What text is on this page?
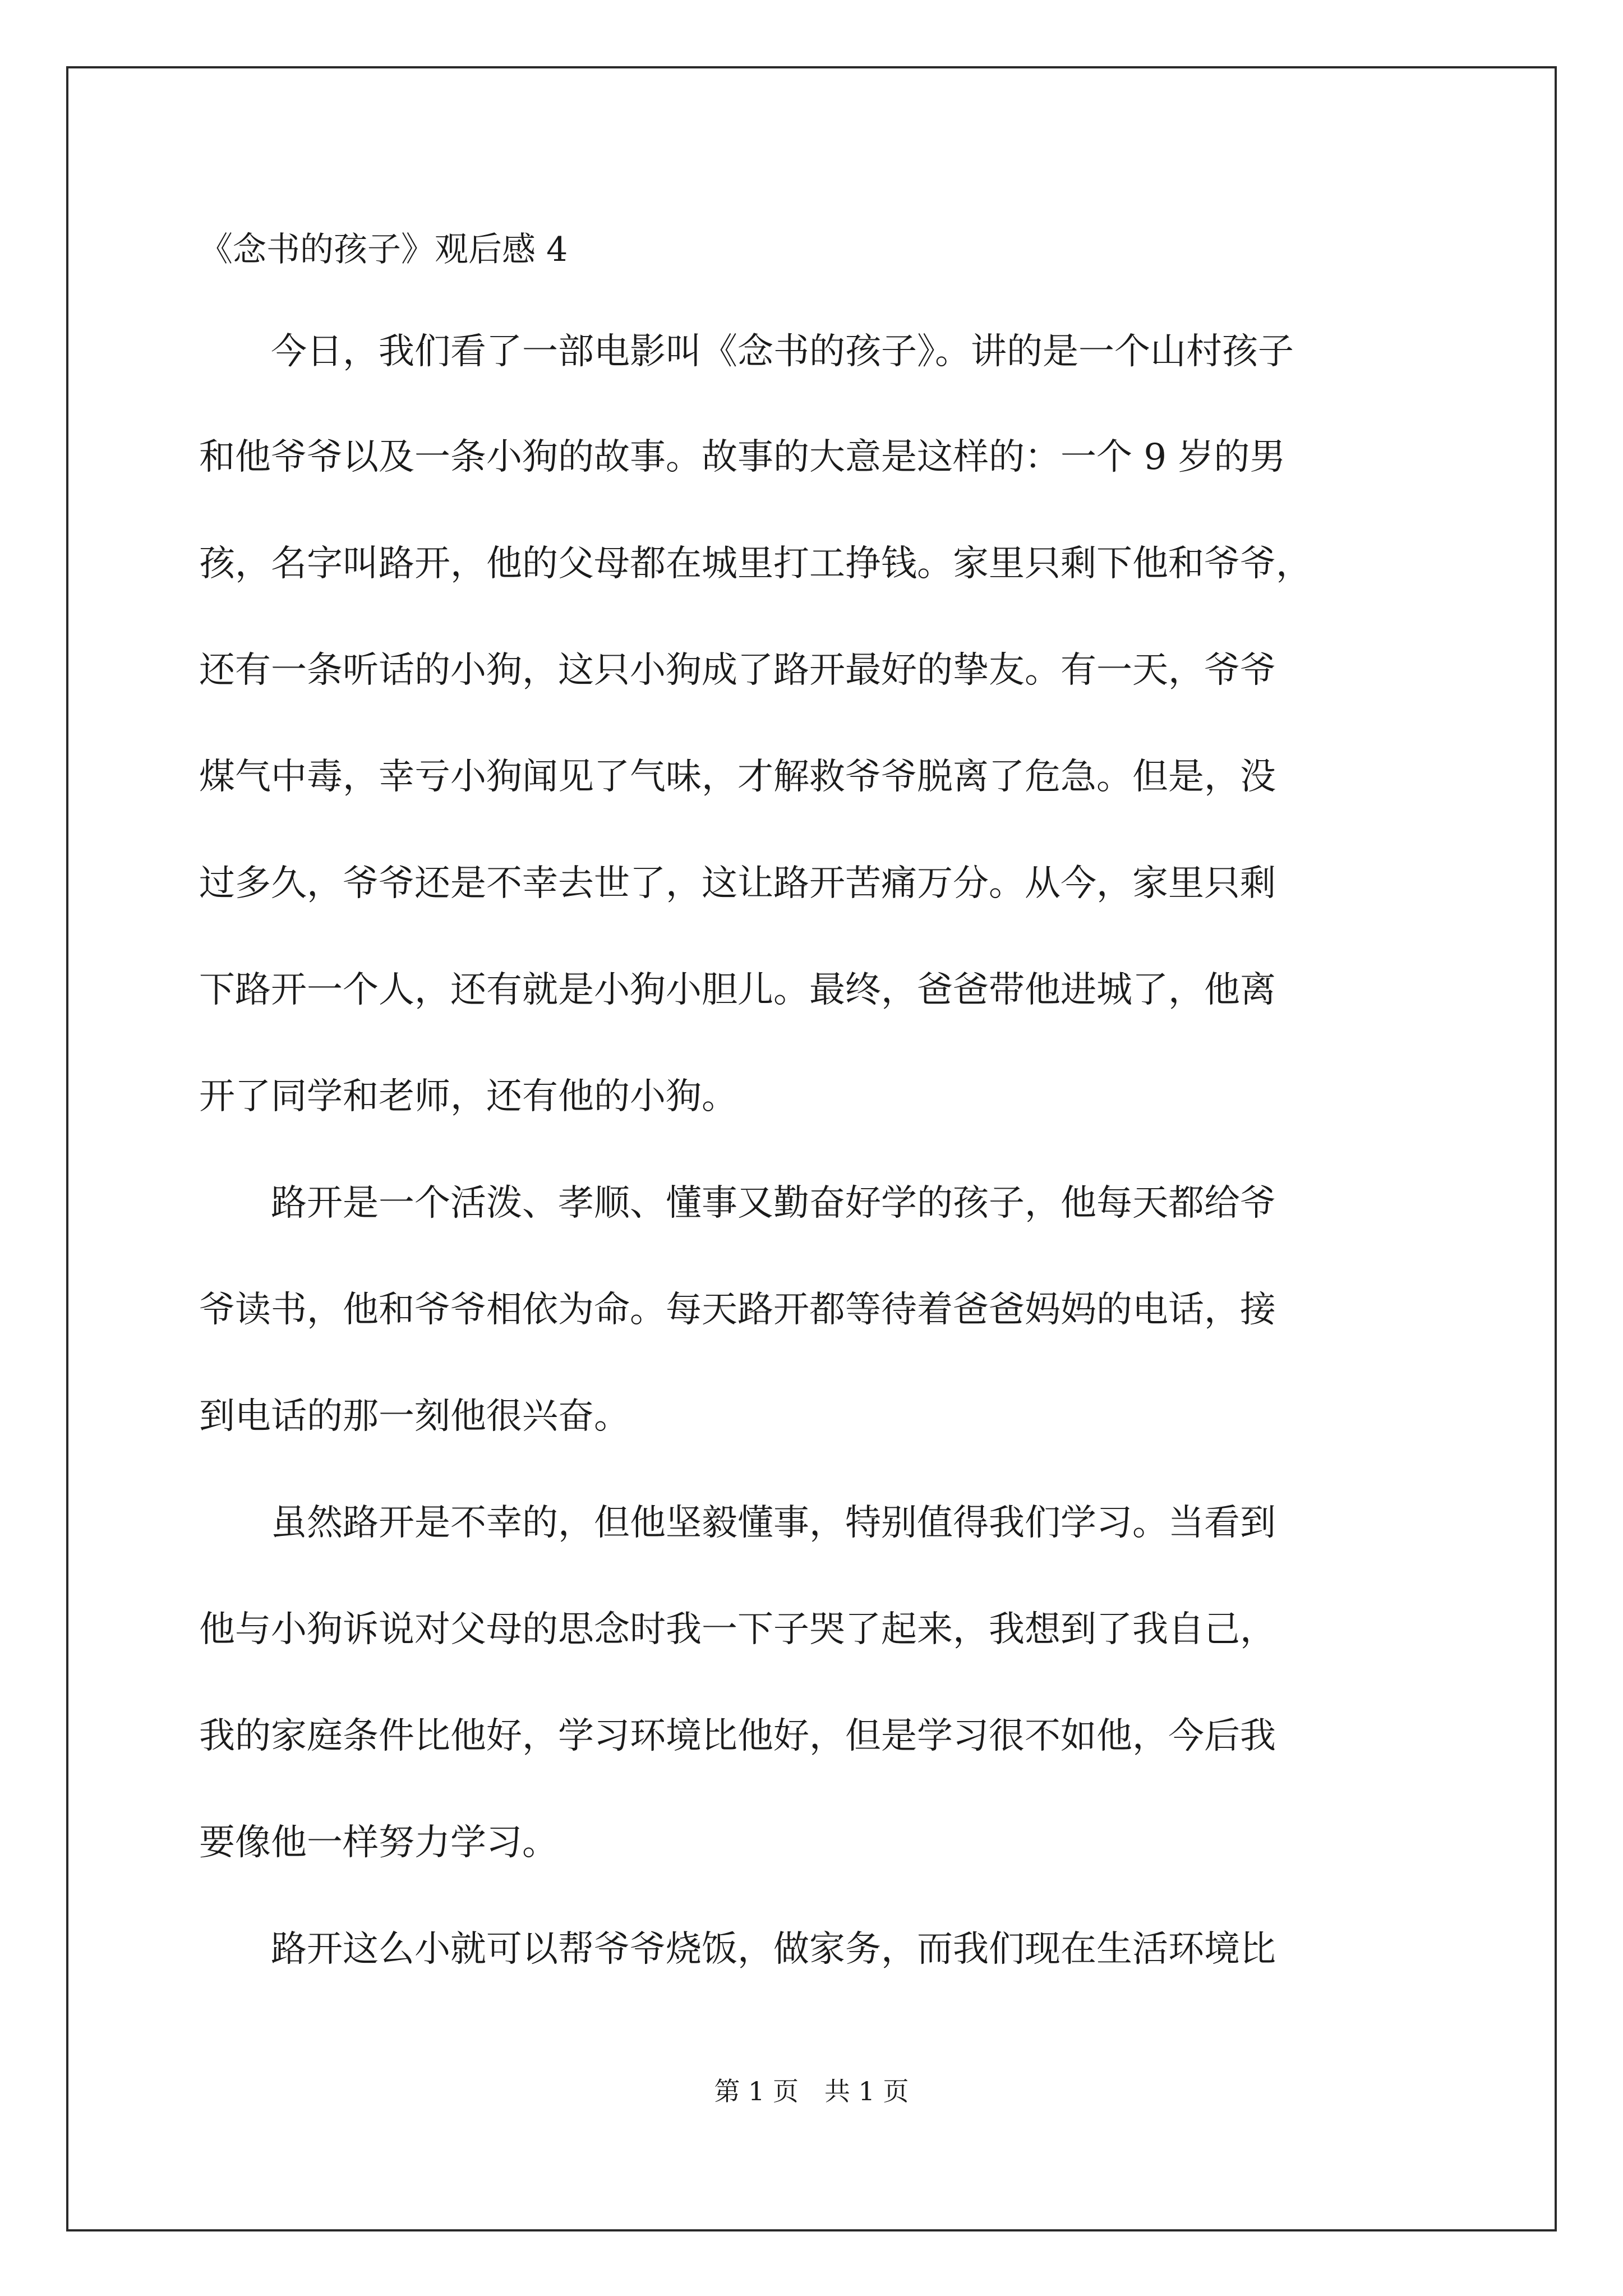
《念书的孩子》观后感 4
　　今日，我们看了一部电影叫《念书的孩子》。讲的是一个山村孩子
和他爷爷以及一条小狗的故事。故事的大意是这样的：一个 9 岁的男
孩，名字叫路开，他的父母都在城里打工挣钱。家里只剩下他和爷爷，
还有一条听话的小狗，这只小狗成了路开最好的挚友。有一天，爷爷
煤气中毒，幸亏小狗闻见了气味，才解救爷爷脱离了危急。但是，没
过多久，爷爷还是不幸去世了，这让路开苦痛万分。从今，家里只剩
下路开一个人，还有就是小狗小胆儿。最终，爸爸带他进城了，他离
开了同学和老师，还有他的小狗。
　　路开是一个活泼、孝顺、懂事又勤奋好学的孩子，他每天都给爷
爷读书，他和爷爷相依为命。每天路开都等待着爸爸妈妈的电话，接
到电话的那一刻他很兴奋。
　　虽然路开是不幸的，但他坚毅懂事，特别值得我们学习。当看到
他与小狗诉说对父母的思念时我一下子哭了起来，我想到了我自己，
我的家庭条件比他好，学习环境比他好，但是学习很不如他，今后我
要像他一样努力学习。
　　路开这么小就可以帮爷爷烧饭，做家务，而我们现在生活环境比
第 1 页　共 1 页
